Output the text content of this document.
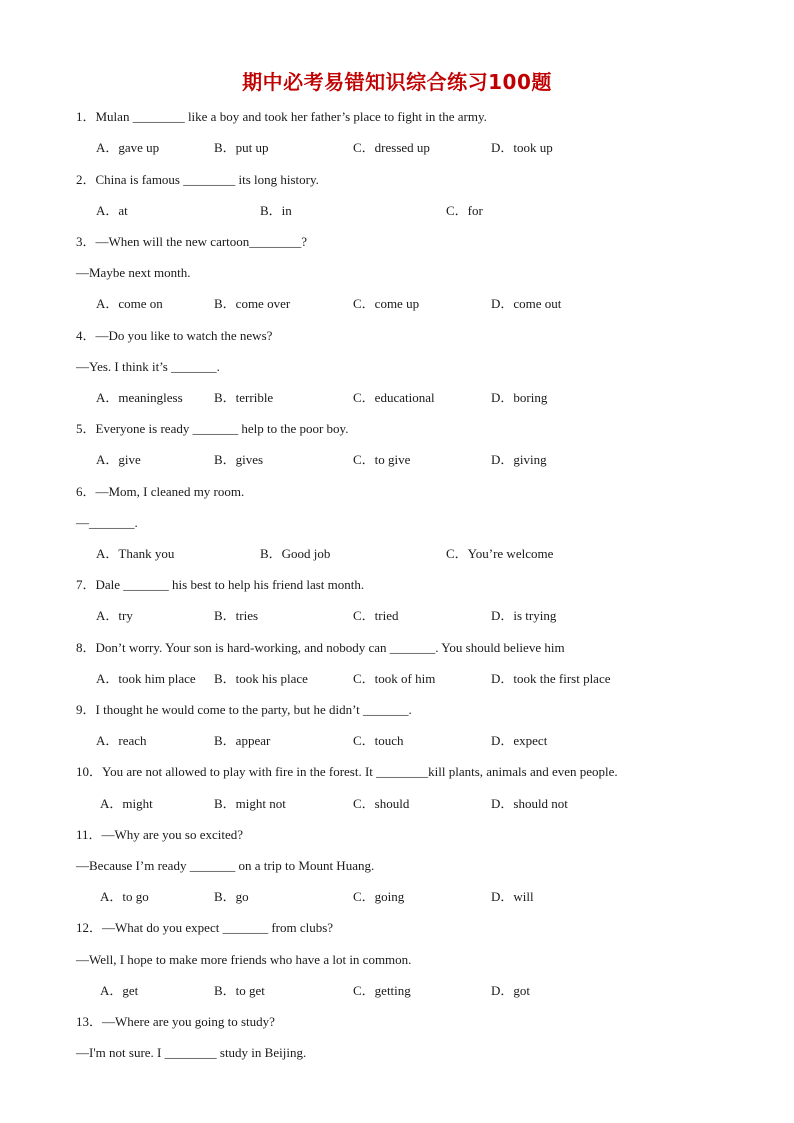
期中必考易错知识综合练习100题
1．Mulan ________ like a boy and took her father’s place to fight in the army.
A．gave up	B．put up	C．dressed up	D．took up
2．China is famous ________ its long history.
A．at	B．in	C．for
3．—When will the new cartoon________?
—Maybe next month.
A．come on	B．come over	C．come up	D．come out
4．—Do you like to watch the news?
—Yes. I think it’s _______.
A．meaningless B．terrible	C．educational	D．boring
5．Everyone is ready _______ help to the poor boy.
A．give	B．gives	C．to give	D．giving
6．—Mom, I cleaned my room.
—_______.
A．Thank you	B．Good job	C．You’re welcome
7．Dale _______ his best to help his friend last month.
A．try	B．tries	C．tried	D．is trying
8．Don’t worry. Your son is hard-working, and nobody can _______. You should believe him
A．took him place B．took his place	C．took of him	D．took the first place
9．I thought he would come to the party, but he didn’t _______.
A．reach	B．appear	C．touch	D．expect
10．You are not allowed to play with fire in the forest. It ________kill plants, animals and even people.
A．might	B．might not	C．should	D．should not
11．—Why are you so excited?
—Because I’m ready _______ on a trip to Mount Huang.
A．to go	B．go	C．going	D．will
12．—What do you expect _______ from clubs?
—Well, I hope to make more friends who have a lot in common.
A．get	B．to get	C．getting	D．got
13．—Where are you going to study?
—I'm not sure. I ________ study in Beijing.
